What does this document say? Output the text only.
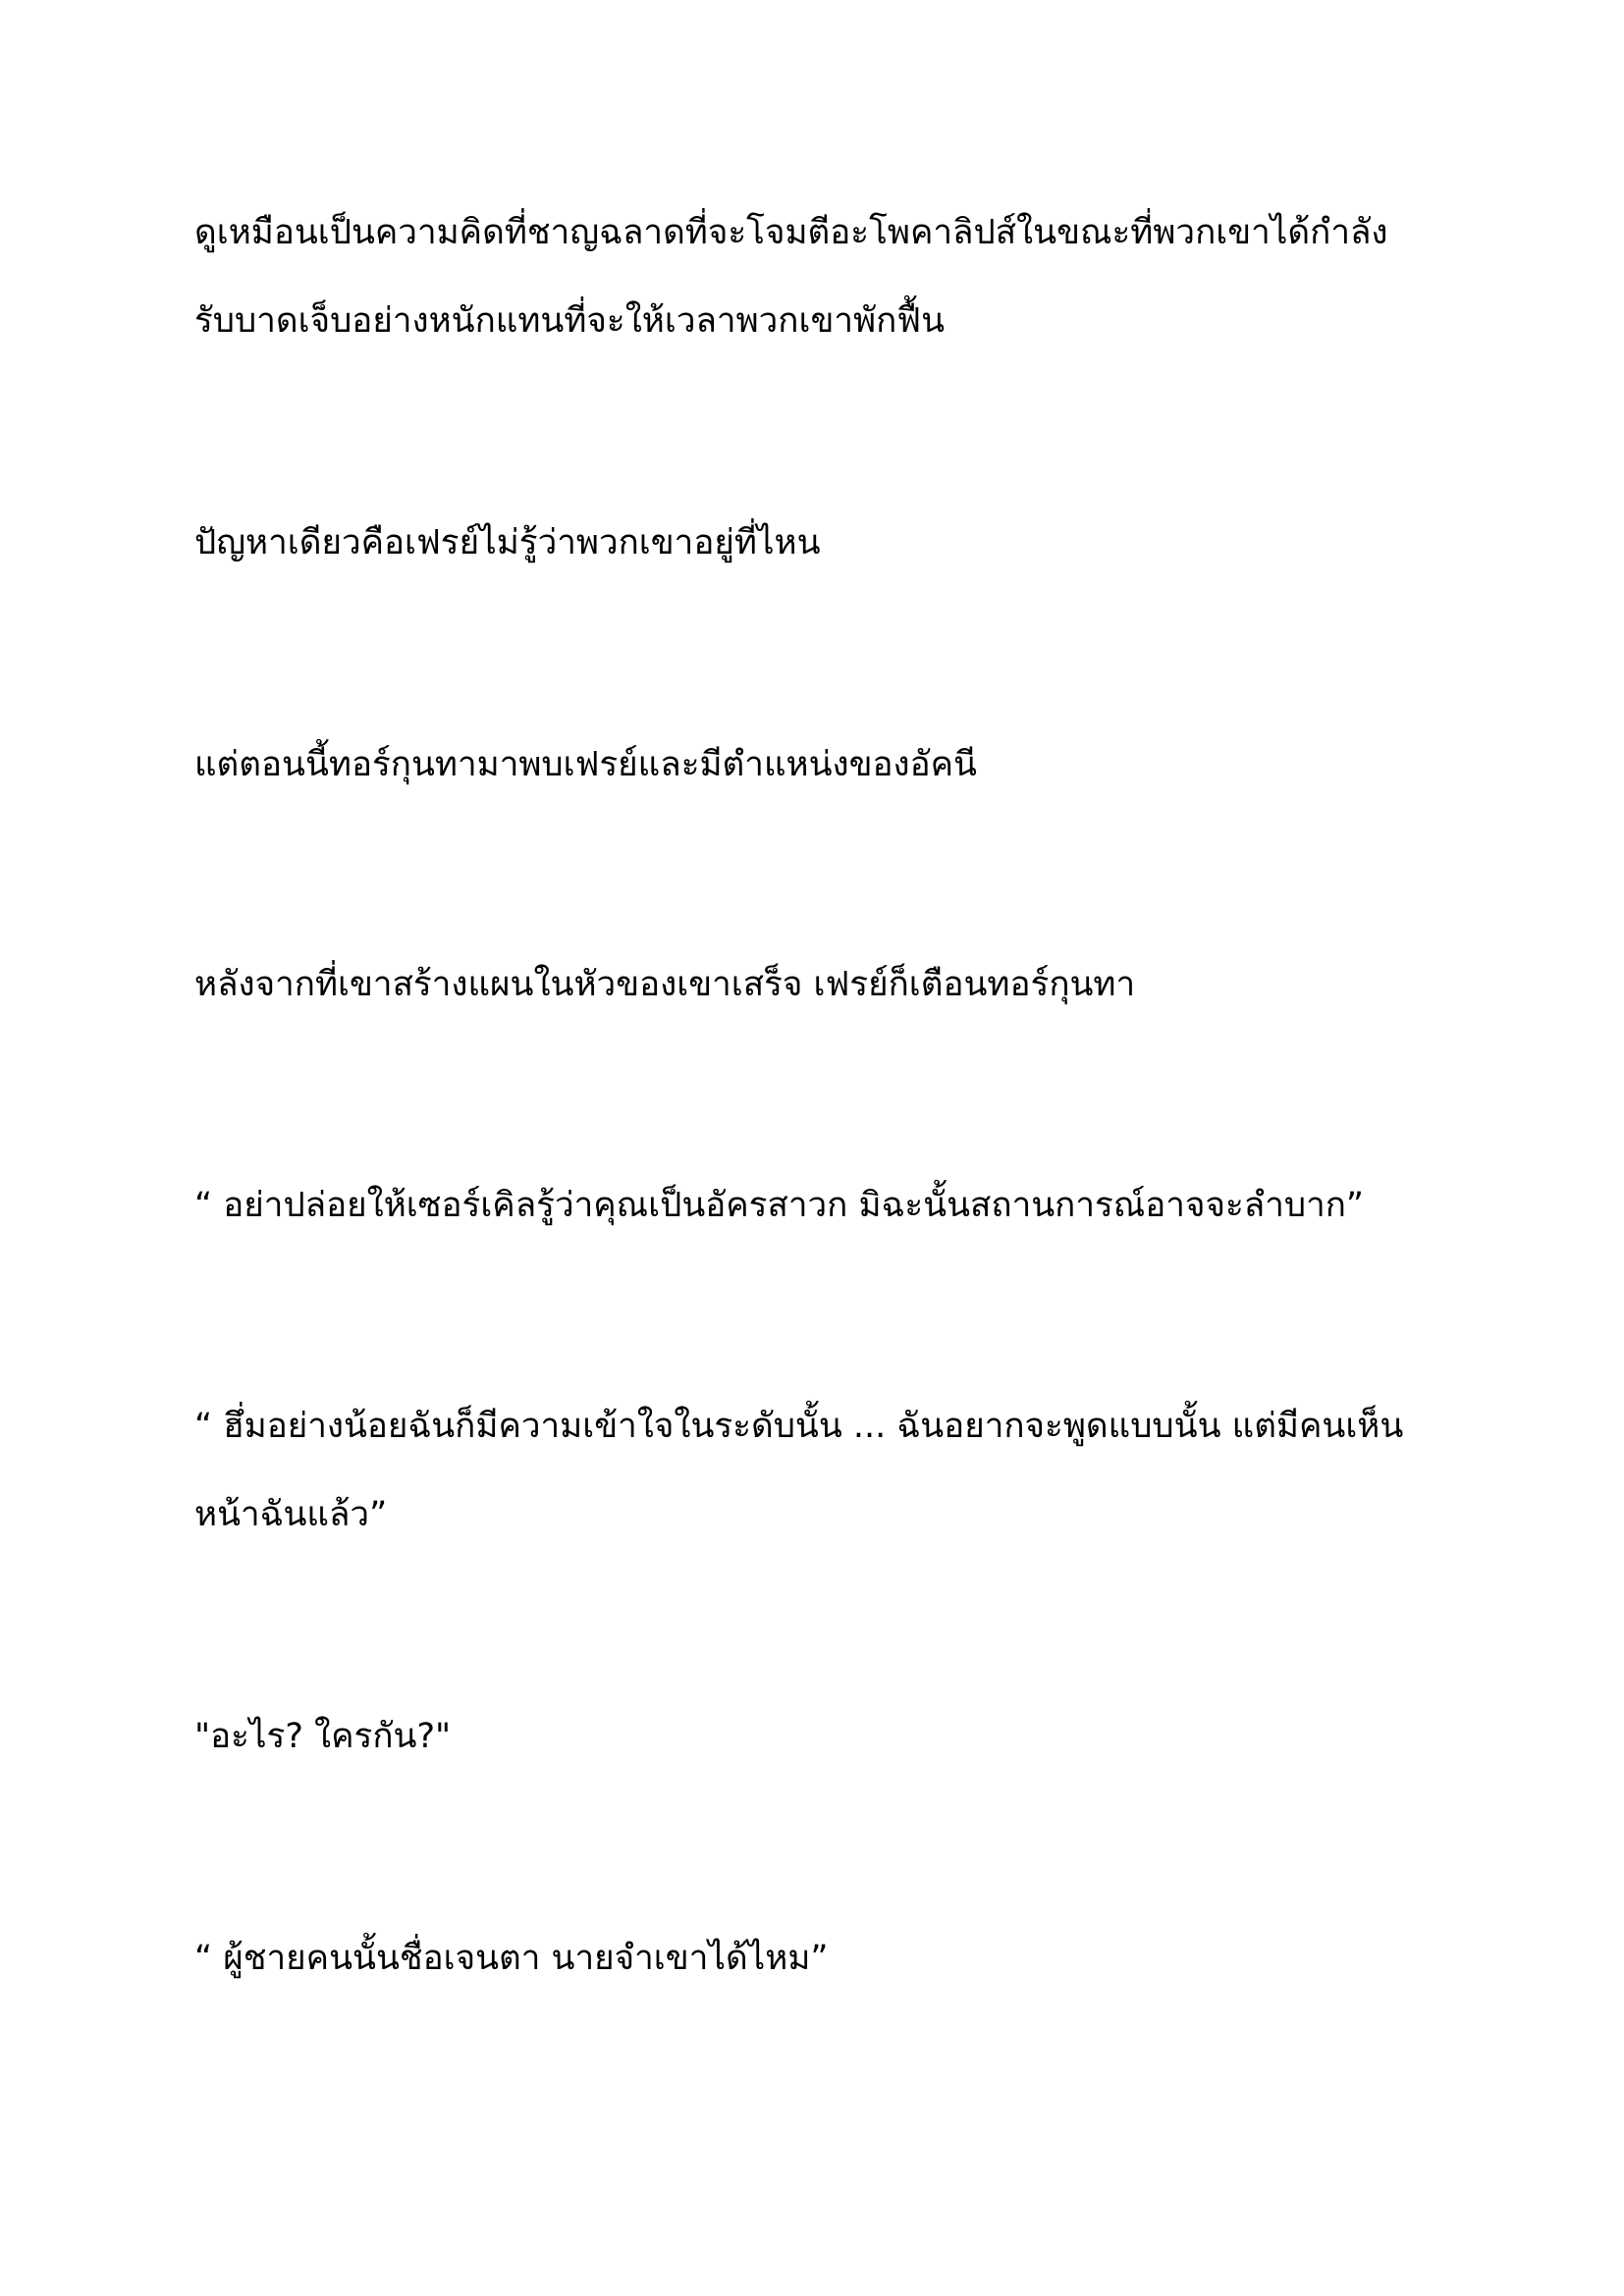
ดูเหมือนเป็นความคิดที่ชาญฉลาดที่จะโจมตีอะโพคาลิปส์ในขณะที่พวกเขาได้กำลัง
รับบาดเจ็บอย่างหนักแทนที่จะให้เวลาพวกเขาพักฟื้น

ปัญหาเดียวคือเฟรย์ไม่รู้ว่าพวกเขาอยู่ที่ไหน

แต่ตอนนี้ทอร์กุนทามาพบเฟรย์และมีตำแหน่งของอัคนี

หลังจากที่เขาสร้างแผนในหัวของเขาเสร็จ เฟรย์ก็เตือนทอร์กุนทา

“ อย่าปล่อยให้เซอร์เคิลรู้ว่าคุณเป็นอัครสาวก มิฉะนั้นสถานการณ์อาจจะลำบาก”

“ ฮึ่มอย่างน้อยฉันก็มีความเข้าใจในระดับนั้น ... ฉันอยากจะพูดแบบนั้น แต่มีคนเห็น
หน้าฉันแล้ว”

"อะไร? ใครกัน?"

“ ผู้ชายคนนั้นชื่อเจนตา นายจำเขาได้ไหม”
